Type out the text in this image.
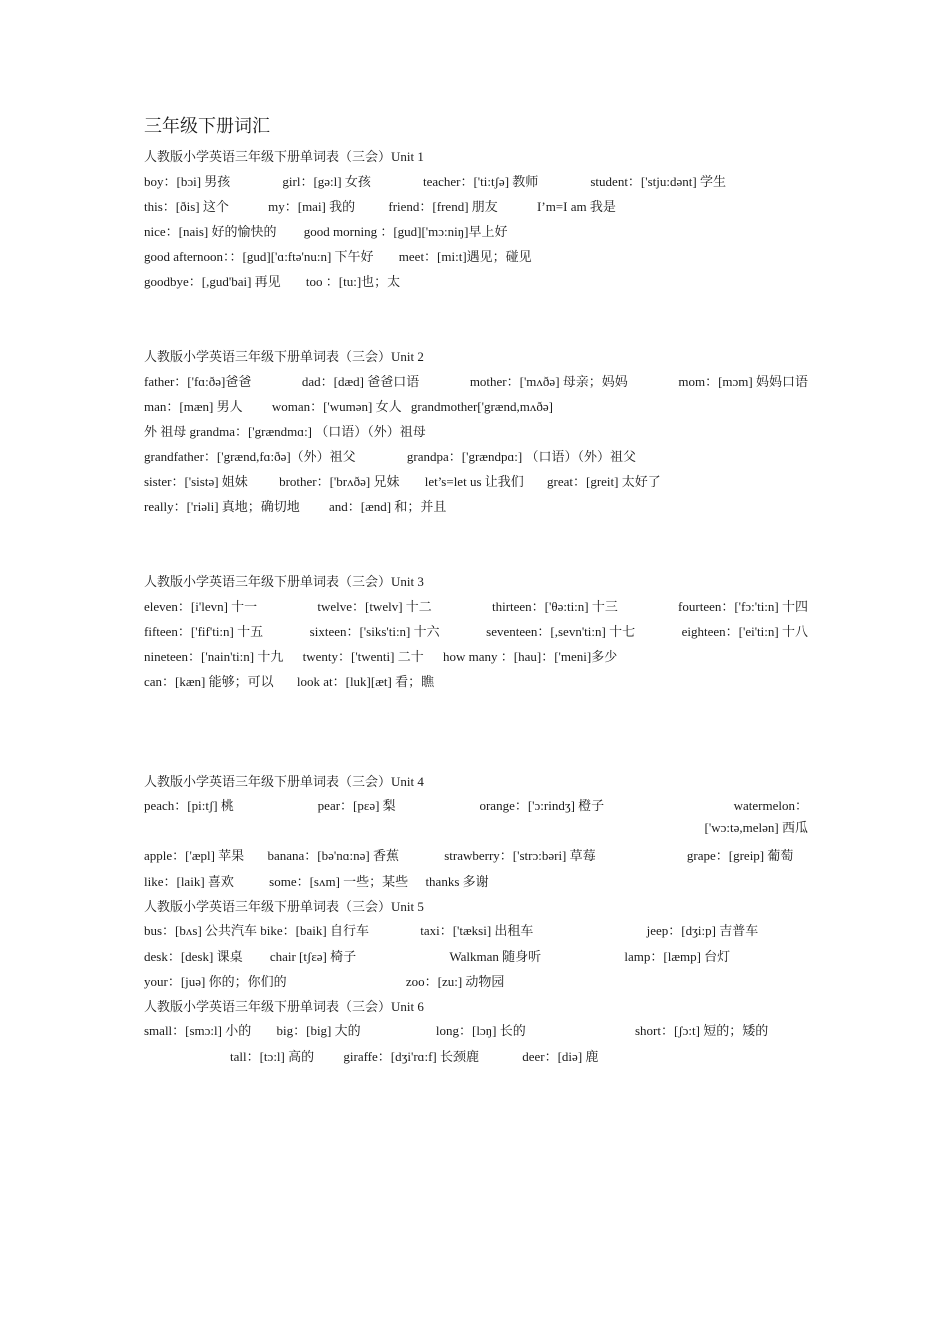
三年级下册词汇
人教版小学英语三年级下册单词表（三会）Unit 1
boy：[bɔi] 男孩	girl：[gə:l] 女孩	teacher：['ti:tʃə] 教师	student：['stju:dənt] 学生
this：[ðis] 这个	my：[mai] 我的	friend：[frend] 朋友	I’m=I am 我是
nice：[nais] 好的愉快的 good morning ：[gud]['mɔ:niŋ]早上好
good afternoon：：[gud]['ɑ:ftə'nu:n] 下午好 meet：[mi:t]遇见；碰见
goodbye：[,gud'bai] 再见 too ：[tu:]也；太
人教版小学英语三年级下册单词表（三会）Unit 2
father：['fɑ:ðə]爸爸	dad：[dæd] 爸爸口语	mother：['mʌðə] 母亲；妈妈	mom：[mɔm] 妈妈口语
man：[mæn] 男人 woman：['wumən] 女人 grandmother['grænd,mʌðə]
外 祖母 grandma：['grændmɑ:] （口语）（外）祖母
grandfather：['grænd,fɑ:ðə]（外）祖父	grandpa：['grændpɑ:] （口语）（外）祖父
sister：['sistə] 姐妹 brother：['brʌðə] 兄妹 let’s=let us 让我们 great：[greit] 太好了
really：['riəli] 真地；确切地 and：[ænd] 和；并且
人教版小学英语三年级下册单词表（三会）Unit 3
eleven：[i'levn] 十一	twelve：[twelv] 十二	thirteen：['θə:ti:n] 十三	fourteen：['fɔ:'ti:n] 十四
fifteen：['fif'ti:n] 十五	sixteen：['siks'ti:n] 十六	seventeen：[,sevn'ti:n] 十七	eighteen：['ei'ti:n] 十八
nineteen：['nain'ti:n] 十九 twenty：['twenti] 二十 how many ：[hau]：['meni]多少
can：[kæn] 能够；可以 look at：[luk][æt] 看；瞧
人教版小学英语三年级下册单词表（三会）Unit 4
peach：[pi:tʃ] 桃	pear：[pɛə] 梨	orange：['ɔ:rindʒ] 橙子	watermelon：['wɔ:tə,melən] 西瓜
apple：['æpl] 苹果 banana：[bə'nɑ:nə] 香蕉	strawberry：['strɔ:bəri] 草莓	grape：[greip] 葡萄
like：[laik] 喜欢	some：[sʌm] 一些；某些 thanks 多谢
人教版小学英语三年级下册单词表（三会）Unit 5
bus：[bʌs] 公共汽车 bike：[baik] 自行车	taxi：['tæksi] 出租车	jeep：[dʒi:p] 吉普车
desk：[desk] 课桌 chair [tʃɛə] 椅子	Walkman 随身听	lamp：[læmp] 台灯
your：[juə] 你的；你们的	zoo：[zu:] 动物园
人教版小学英语三年级下册单词表（三会）Unit 6
small：[smɔ:l] 小的 big：[big] 大的	long：[lɔŋ] 长的	short：[ʃɔ:t] 短的；矮的
tall：[tɔ:l] 高的 giraffe：[dʒi'rɑ:f] 长颈鹿	deer：[diə] 鹿
